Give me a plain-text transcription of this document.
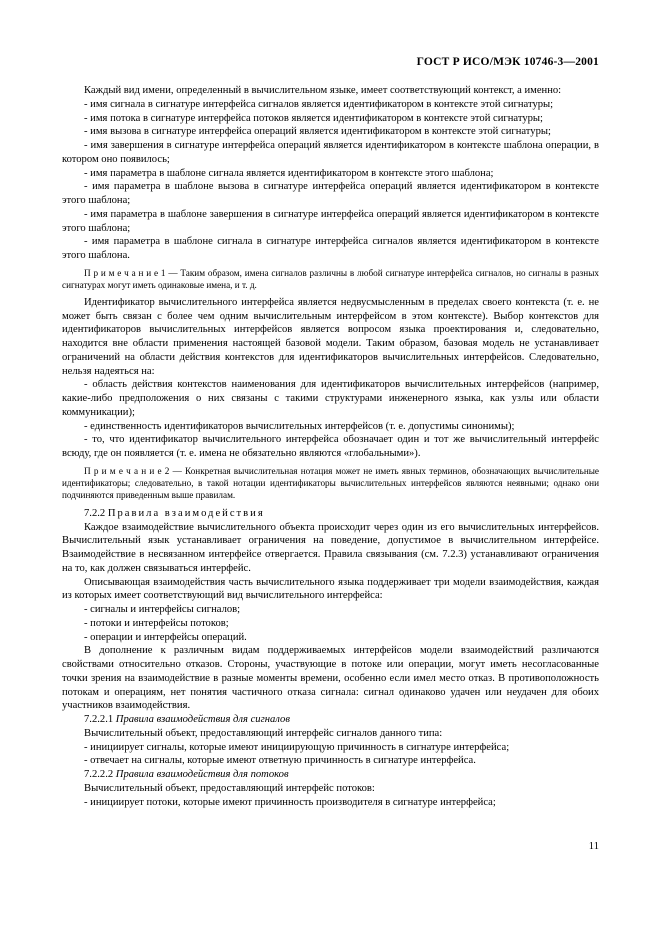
ГОСТ Р ИСО/МЭК 10746-3—2001

Каждый вид имени, определенный в вычислительном языке, имеет соответствующий контекст, а именно:

- имя сигнала в сигнатуре интерфейса сигналов является идентификатором в контексте этой сигнатуры;

- имя потока в сигнатуре интерфейса потоков является идентификатором в контексте этой сигнатуры;

- имя вызова в сигнатуре интерфейса операций является идентификатором в контексте этой сигнатуры;

- имя завершения в сигнатуре интерфейса операций является идентификатором в контексте шаблона операции, в котором оно появилось;

- имя параметра в шаблоне сигнала является идентификатором в контексте этого шаблона;

- имя параметра в шаблоне вызова в сигнатуре интерфейса операций является идентификатором в контексте этого шаблона;

- имя параметра в шаблоне завершения в сигнатуре интерфейса операций является идентификатором в контексте этого шаблона;

- имя параметра в шаблоне сигнала в сигнатуре интерфейса сигналов является идентификатором в контексте этого шаблона.

П р и м е ч а н и е 1 — Таким образом, имена сигналов различны в любой сигнатуре интерфейса сигналов, но сигналы в разных сигнатурах могут иметь одинаковые имена, и т. д.

Идентификатор вычислительного интерфейса является недвусмысленным в пределах своего контекста (т. е. не может быть связан с более чем одним вычислительным интерфейсом в этом контексте). Выбор контекстов для идентификаторов вычислительных интерфейсов является вопросом языка проектирования и, следовательно, находится вне области применения настоящей базовой модели. Таким образом, базовая модель не устанавливает ограничений на области действия контекстов для идентификаторов вычислительных интерфейсов. Следовательно, нельзя надеяться на:

- область действия контекстов наименования для идентификаторов вычислительных интерфейсов (например, какие-либо предположения о них связаны с такими структурами инженерного языка, как узлы или области коммуникации);

- единственность идентификаторов вычислительных интерфейсов (т. е. допустимы синонимы);

- то, что идентификатор вычислительного интерфейса обозначает один и тот же вычислительный интерфейс всюду, где он появляется (т. е. имена не обязательно являются «глобальными»).

П р и м е ч а н и е 2 — Конкретная вычислительная нотация может не иметь явных терминов, обозначающих вычислительные идентификаторы; следовательно, в такой нотации идентификаторы вычислительных интерфейсов являются неявными; однако они подчиняются приведенным выше правилам.

7.2.2 Правила взаимодействия

Каждое взаимодействие вычислительного объекта происходит через один из его вычислительных интерфейсов. Вычислительный язык устанавливает ограничения на поведение, допустимое в вычислительном интерфейсе. Взаимодействие в несвязанном интерфейсе отвергается. Правила связывания (см. 7.2.3) устанавливают ограничения на то, как должен связываться интерфейс.

Описывающая взаимодействия часть вычислительного языка поддерживает три модели взаимодействия, каждая из которых имеет соответствующий вид вычислительного интерфейса:

- сигналы и интерфейсы сигналов;

- потоки и интерфейсы потоков;

- операции и интерфейсы операций.

В дополнение к различным видам поддерживаемых интерфейсов модели взаимодействий различаются свойствами относительно отказов. Стороны, участвующие в потоке или операции, могут иметь несогласованные точки зрения на взаимодействие в разные моменты времени, особенно если имел место отказ. В противоположность потокам и операциям, нет понятия частичного отказа сигнала: сигнал одинаково удачен или неудачен для обоих участников взаимодействия.

7.2.2.1 Правила взаимодействия для сигналов

Вычислительный объект, предоставляющий интерфейс сигналов данного типа:

- инициирует сигналы, которые имеют инициирующую причинность в сигнатуре интерфейса;

- отвечает на сигналы, которые имеют ответную причинность в сигнатуре интерфейса.

7.2.2.2 Правила взаимодействия для потоков

Вычислительный объект, предоставляющий интерфейс потоков:

- инициирует потоки, которые имеют причинность производителя в сигнатуре интерфейса;

11
